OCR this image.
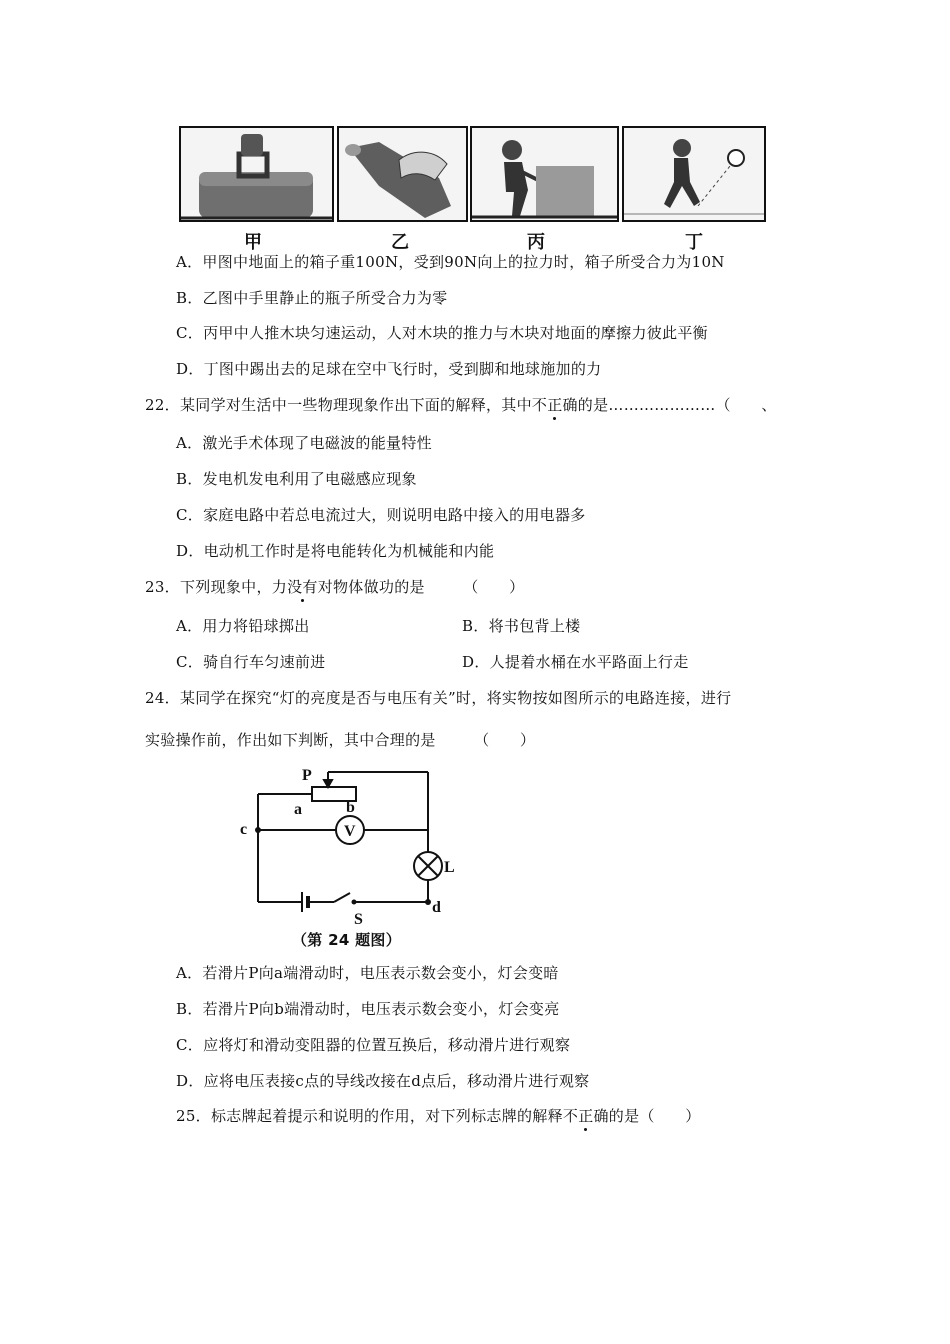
甲	乙	丙	丁
A．甲图中地面上的箱子重100N，受到90N向上的拉力时，箱子所受合力为10N
B．乙图中手里静止的瓶子所受合力为零
C．丙甲中人推木块匀速运动，人对木块的推力与木块对地面的摩擦力彼此平衡
D．丁图中踢出去的足球在空中飞行时，受到脚和地球施加的力
22．某同学对生活中一些物理现象作出下面的解释，其中不正确的是…………………（　　、
A．激光手术体现了电磁波的能量特性
B．发电机发电利用了电磁感应现象
C．家庭电路中若总电流过大，则说明电路中接入的用电器多
D．电动机工作时是将电能转化为机械能和内能
23．下列现象中，力没有对物体做功的是　　　（　　）
A．用力将铅球掷出	B．将书包背上楼
C．骑自行车匀速前进	D．人提着水桶在水平路面上行走
24．某同学在探究“灯的亮度是否与电压有关”时，将实物按如图所示的电路连接，进行
实验操作前，作出如下判断，其中合理的是　　　（　　）
P
a	b
c	V
L
S
d
（第 24 题图）
A．若滑片P向a端滑动时，电压表示数会变小，灯会变暗
B．若滑片P向b端滑动时，电压表示数会变小，灯会变亮
C．应将灯和滑动变阻器的位置互换后，移动滑片进行观察
D．应将电压表接c点的导线改接在d点后，移动滑片进行观察
25．标志牌起着提示和说明的作用，对下列标志牌的解释不正确的是（　　）
